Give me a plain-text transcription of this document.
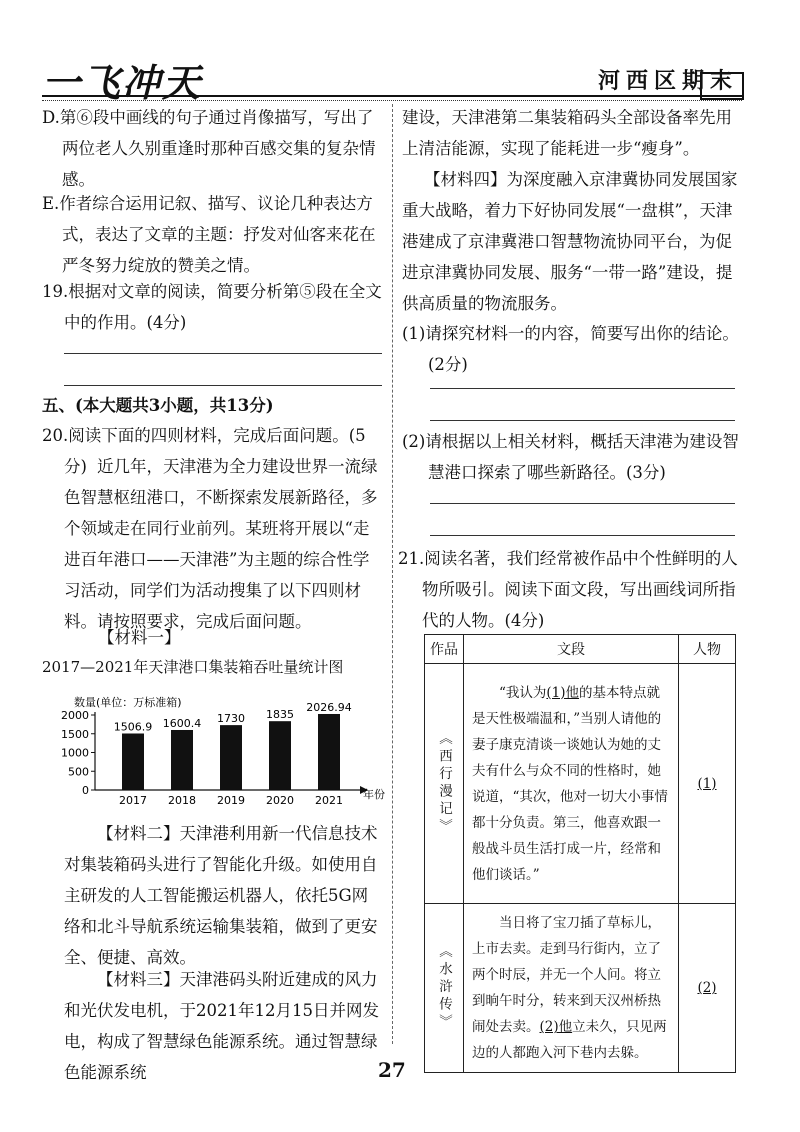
一飞冲天	河西区期末
D.第⑥段中画线的句子通过肖像描写，写出了两位老人久别重逢时那种百感交集的复杂情感。
E.作者综合运用记叙、描写、议论几种表达方式，表达了文章的主题：抒发对仙客来花在严冬努力绽放的赞美之情。
19.根据对文章的阅读，简要分析第⑤段在全文中的作用。(4分)
五、(本大题共3小题，共13分)
20.阅读下面的四则材料，完成后面问题。(5分) 近几年，天津港为全力建设世界一流绿色智慧枢纽港口，不断探索发展新路径，多个领域走在同行业前列。某班将开展以“走进百年港口——天津港”为主题的综合性学习活动，同学们为活动搜集了以下四则材料。请按照要求，完成后面问题。
【材料一】
2017—2021年天津港口集装箱吞吐量统计图
数量(单位：万标准箱)
0
500
1000
1500
2000
1506.9
2017
1600.4
2018
1730
2019
1835
2020
2026.94
2021 年份
【材料二】天津港利用新一代信息技术对集装箱码头进行了智能化升级。如使用自主研发的人工智能搬运机器人，依托5G网络和北斗导航系统运输集装箱，做到了更安全、便捷、高效。
【材料三】天津港码头附近建成的风力和光伏发电机，于2021年12月15日并网发电，构成了智慧绿色能源系统。通过智慧绿色能源系统
建设，天津港第二集装箱码头全部设备率先用上清洁能源，实现了能耗进一步“瘦身”。
【材料四】为深度融入京津冀协同发展国家重大战略，着力下好协同发展“一盘棋”，天津港建成了京津冀港口智慧物流协同平台，为促进京津冀协同发展、服务“一带一路”建设，提供高质量的物流服务。
(1)请探究材料一的内容，简要写出你的结论。(2分)
(2)请根据以上相关材料，概括天津港为建设智慧港口探索了哪些新路径。(3分)
21.阅读名著，我们经常被作品中个性鲜明的人物所吸引。阅读下面文段，写出画线词所指代的人物。(4分)
作品	文段	人物

《西行漫记》	“我认为(1)他的基本特点就是天性极端温和，”当别人请他的妻子康克清谈一谈她认为她的丈夫有什么与众不同的性格时，她说道，“其次，他对一切大小事情都十分负责。第三，他喜欢跟一般战斗员生活打成一片，经常和他们谈话。”	(1)

《水浒传》	当日将了宝刀插了草标儿，上市去卖。走到马行街内，立了两个时辰，并无一个人问。将立到晌午时分，转来到天汉州桥热闹处去卖。(2)他立未久，只见两边的人都跑入河下巷内去躲。	(2)
27
